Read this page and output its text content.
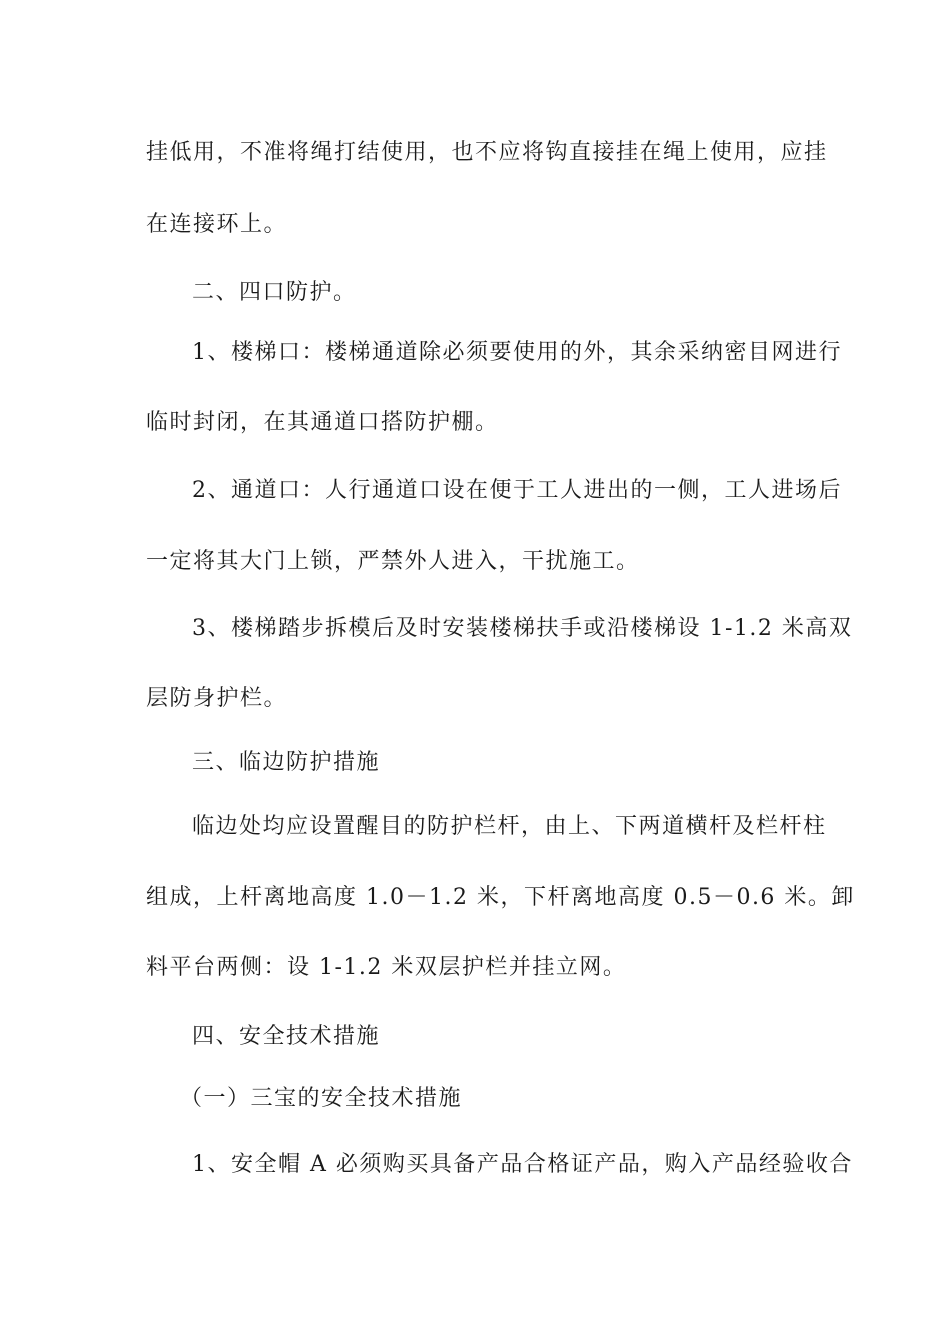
挂低用，不准将绳打结使用，也不应将钩直接挂在绳上使用，应挂
在连接环上。
二、四口防护。
1、楼梯口：楼梯通道除必须要使用的外，其余采纳密目网进行
临时封闭，在其通道口搭防护棚。
2、通道口：人行通道口设在便于工人进出的一侧，工人进场后
一定将其大门上锁，严禁外人进入，干扰施工。
3、楼梯踏步拆模后及时安装楼梯扶手或沿楼梯设 1-1.2 米高双
层防身护栏。
三、临边防护措施
临边处均应设置醒目的防护栏杆，由上、下两道横杆及栏杆柱
组成，上杆离地高度 1.0－1.2 米，下杆离地高度 0.5－0.6 米。卸
料平台两侧：设 1-1.2 米双层护栏并挂立网。
四、安全技术措施
（一）三宝的安全技术措施
1、安全帽 A 必须购买具备产品合格证产品，购入产品经验收合
